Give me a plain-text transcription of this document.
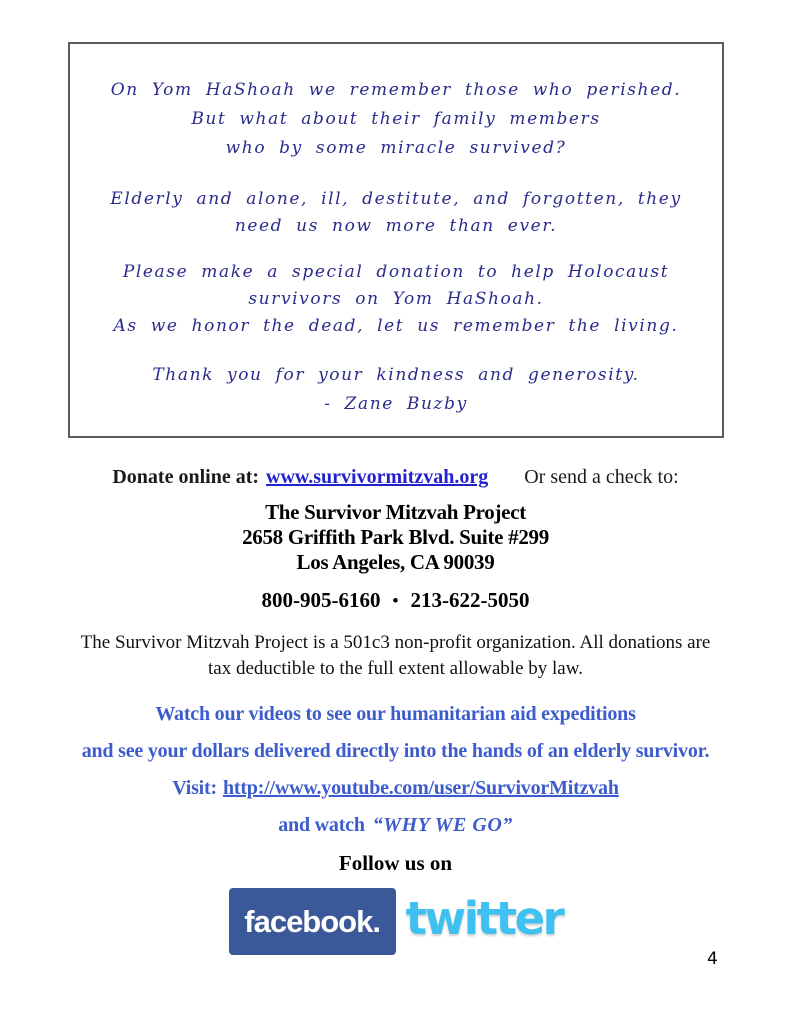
On Yom HaShoah we remember those who perished.
But what about their family members
who by some miracle survived?

Elderly and alone, ill, destitute, and forgotten, they
need us now more than ever.

Please make a special donation to help Holocaust
survivors on Yom HaShoah.

As we honor the dead, let us remember the living.

Thank you for your kindness and generosity.

- Zane Buzby

Donate online at: www.survivormitzvah.org Or send a check to:
The Survivor Mitzvah Project
2658 Griffith Park Blvd. Suite #299
Los Angeles, CA 90039
800-905-6160 • 213-622-5050
The Survivor Mitzvah Project is a 501c3 non-profit organization. All donations are
tax deductible to the full extent allowable by law.
Watch our videos to see our humanitarian aid expeditions
and see your dollars delivered directly into the hands of an elderly survivor.
Visit: http://www.youtube.com/user/SurvivorMitzvah
and watch “WHY WE GO”
Follow us on
facebook. twitter
4
